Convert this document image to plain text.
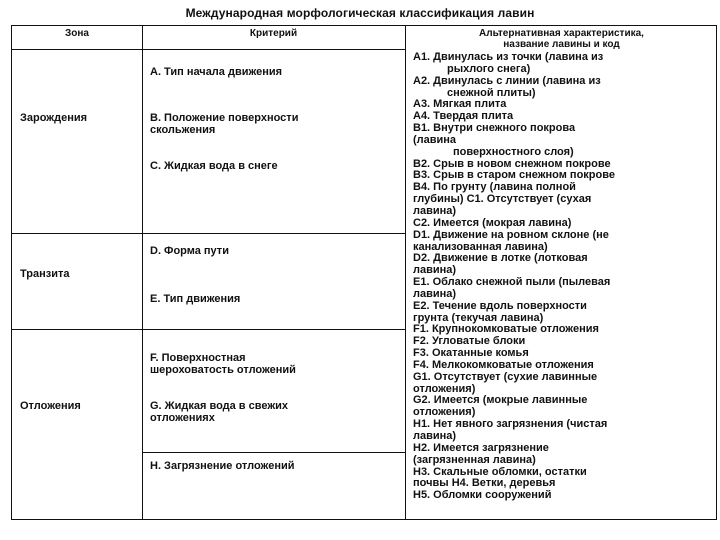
Международная морфологическая классификация лавин
Зона	Критерий	Альтернативная характеристика,
название лавины и код
Зарождения
Транзита
Отложения
A. Тип начала движения
B. Положение поверхности
скольжения
C. Жидкая вода в снеге
D. Форма пути
E. Тип движения
F. Поверхностная
шероховатость отложений
G. Жидкая вода в свежих
отложениях
H. Загрязнение отложений
A1. Двинулась из точки (лавина из
рыхлого снега)
A2. Двинулась с линии (лавина из
снежной плиты)
A3. Мягкая плита
A4. Твердая плита
B1. Внутри снежного покрова
(лавина
поверхностного слоя)
B2. Срыв в новом снежном покрове
B3. Срыв в старом снежном покрове
B4. По грунту (лавина полной
глубины) C1. Отсутствует (сухая
лавина)
C2. Имеется (мокрая лавина)
D1. Движение на ровном склоне (не
канализованная лавина)
D2. Движение в лотке (лотковая
лавина)
E1. Облако снежной пыли (пылевая
лавина)
E2. Течение вдоль поверхности
грунта (текучая лавина)
F1. Крупнокомковатые отложения
F2. Угловатые блоки
F3. Окатанные комья
F4. Мелкокомковатые отложения
G1. Отсутствует (сухие лавинные
отложения)
G2. Имеется (мокрые лавинные
отложения)
H1. Нет явного загрязнения (чистая
лавина)
H2. Имеется загрязнение
(загрязненная лавина)
H3. Скальные обломки, остатки
почвы H4. Ветки, деревья
H5. Обломки сооружений
